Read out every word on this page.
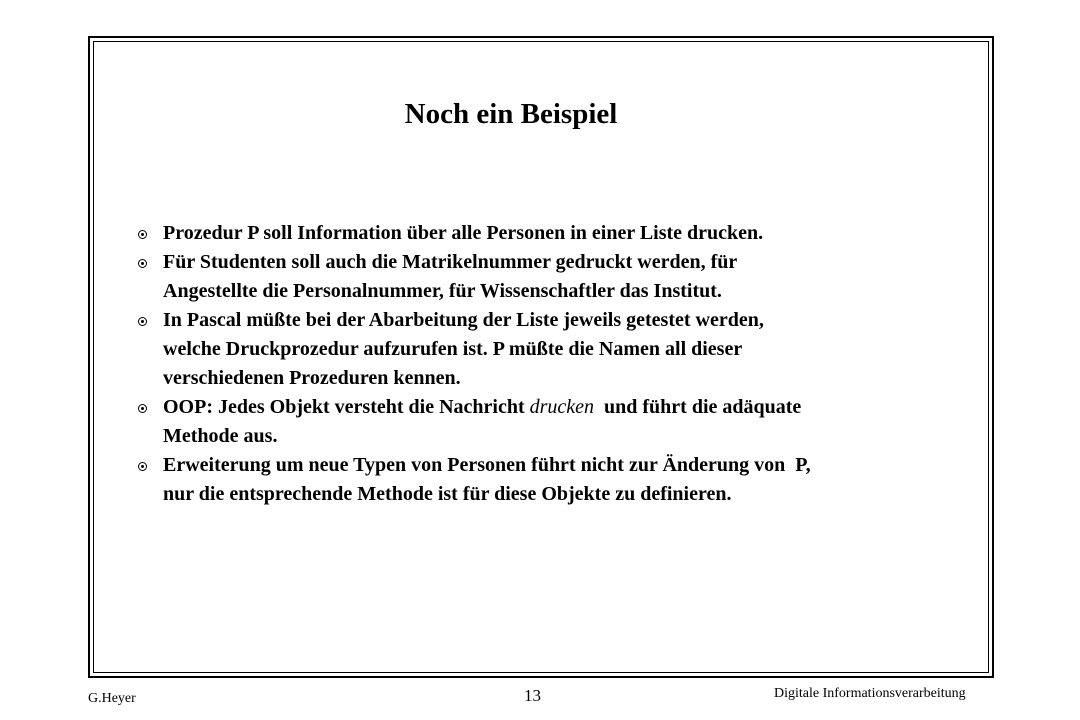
Noch ein Beispiel
Prozedur P soll Information über alle Personen in einer Liste drucken.
Für Studenten soll auch die Matrikelnummer gedruckt werden, für
Angestellte die Personalnummer, für Wissenschaftler das Institut.
In Pascal müßte bei der Abarbeitung der Liste jeweils getestet werden,
welche Druckprozedur aufzurufen ist. P müßte die Namen all dieser
verschiedenen Prozeduren kennen.
OOP: Jedes Objekt versteht die Nachricht drucken  und führt die adäquate
Methode aus.
Erweiterung um neue Typen von Personen führt nicht zur Änderung von  P,
nur die entsprechende Methode ist für diese Objekte zu definieren.
G.Heyer	13	Digitale Informationsverarbeitung
